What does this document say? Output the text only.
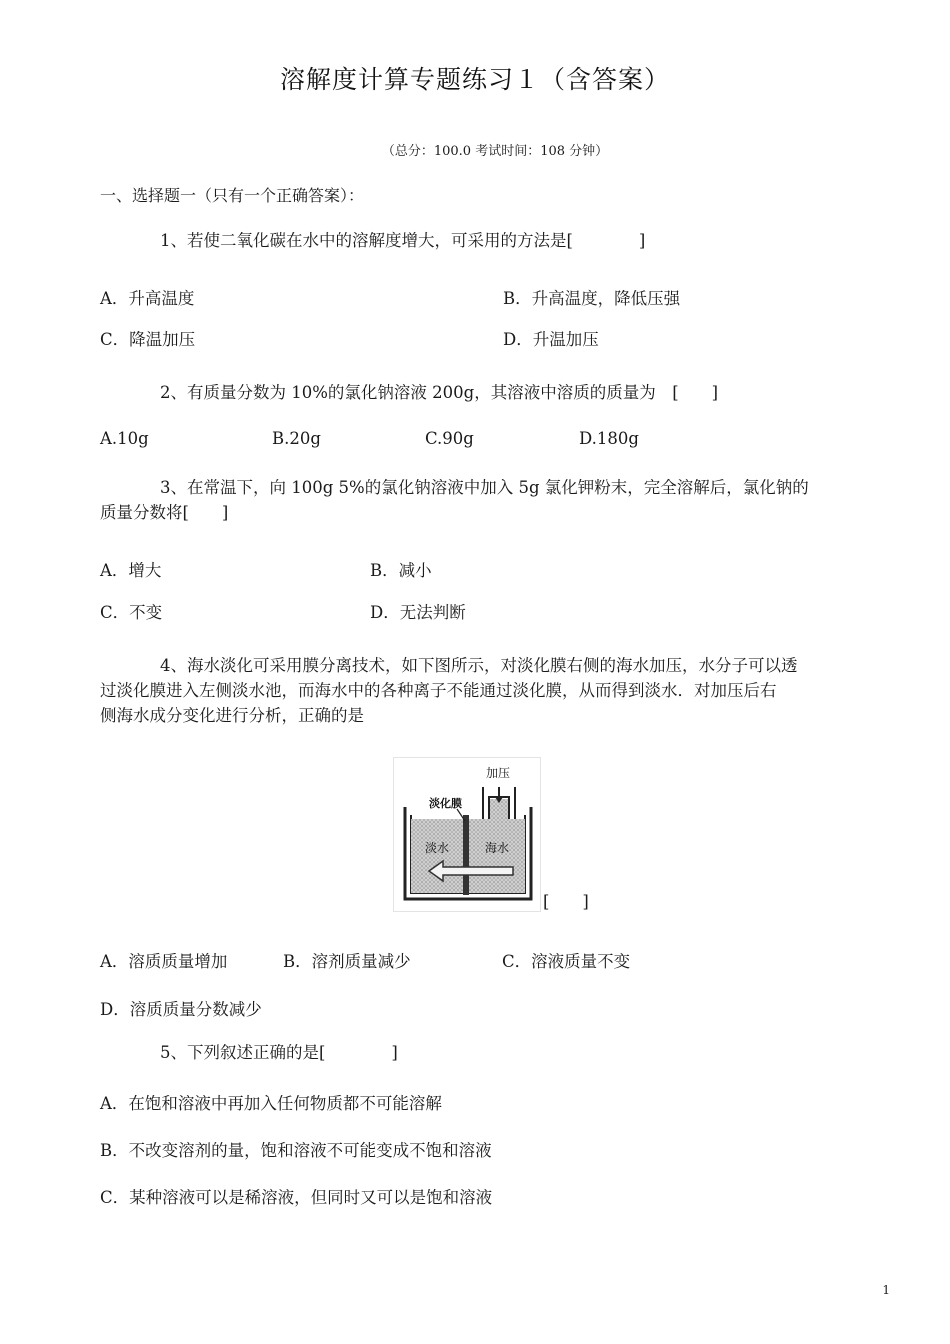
溶解度计算专题练习１（含答案）
（总分：100.0 考试时间：108 分钟）
一、选择题一（只有一个正确答案）：
1、若使二氧化碳在水中的溶解度增大，可采用的方法是[　　　　]
A．升高温度	B．升高温度，降低压强
C．降温加压	D．升温加压
2、有质量分数为 10%的氯化钠溶液 200g，其溶液中溶质的质量为　[　　]
A.10g	B.20g	C.90g	D.180g
3、在常温下，向 100g 5%的氯化钠溶液中加入 5g 氯化钾粉末，完全溶解后，氯化钠的
质量分数将[　　]
A．增大	B．减小
C．不变	D．无法判断
4、海水淡化可采用膜分离技术，如下图所示，对淡化膜右侧的海水加压，水分子可以透
过淡化膜进入左侧淡水池，而海水中的各种离子不能通过淡化膜，从而得到淡水．对加压后右
侧海水成分变化进行分析，正确的是
加压
淡化膜
淡水	海水
[　　]
A．溶质质量增加	B．溶剂质量减少	C．溶液质量不变
D．溶质质量分数减少
5、下列叙述正确的是[　　　　]
A．在饱和溶液中再加入任何物质都不可能溶解
B．不改变溶剂的量，饱和溶液不可能变成不饱和溶液
C．某种溶液可以是稀溶液，但同时又可以是饱和溶液
1
